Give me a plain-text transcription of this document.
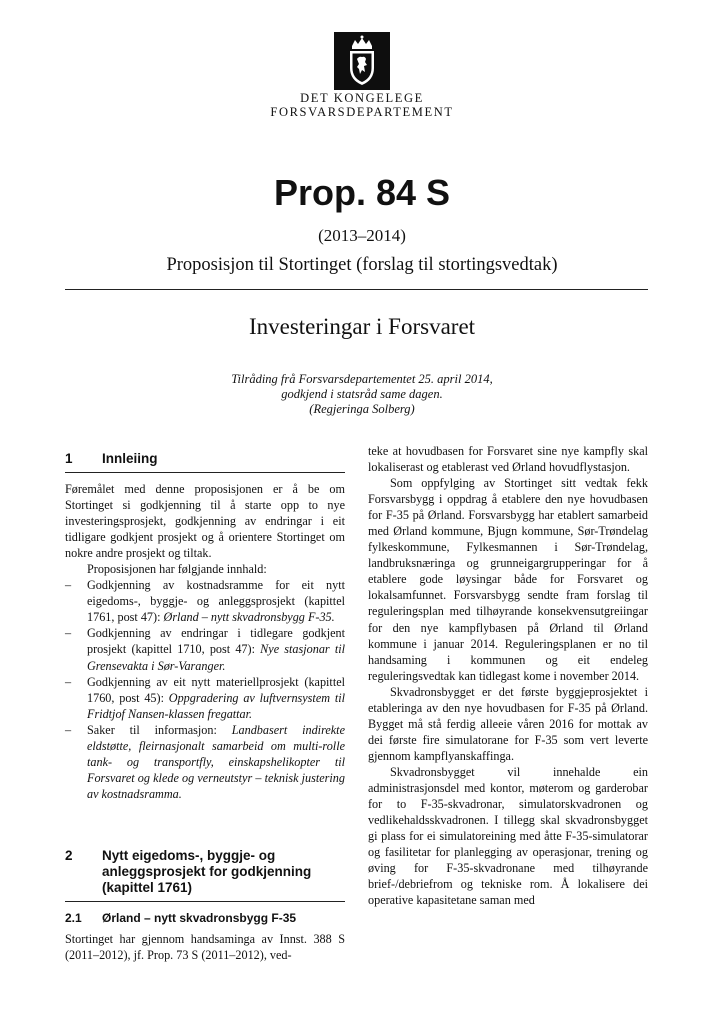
DET KONGELEGE
FORSVARSDEPARTEMENT
Prop. 84 S
(2013–2014)
Proposisjon til Stortinget (forslag til stortingsvedtak)
Investeringar i Forsvaret
Tilråding frå Forsvarsdepartementet 25. april 2014,
godkjend i statsråd same dagen.
(Regjeringa Solberg)
1	Innleiing

Føremålet med denne proposisjonen er å be om Stortinget si godkjenning til å starte opp to nye investeringsprosjekt, godkjenning av endringar i eit tidligare godkjent prosjekt og å orientere Stortinget om nokre andre prosjekt og tiltak.

Proposisjonen har følgjande innhald:

–	Godkjenning av kostnadsramme for eit nytt eigedoms-, byggje- og anleggsprosjekt (kapittel 1761, post 47): Ørland – nytt skvadronsbygg F-35.
–	Godkjenning av endringar i tidlegare godkjent prosjekt (kapittel 1710, post 47): Nye stasjonar til Grensevakta i Sør-Varanger.
–	Godkjenning av eit nytt materiellprosjekt (kapittel 1760, post 45): Oppgradering av luftvernsystem til Fridtjof Nansen-klassen fregattar.
–	Saker til informasjon: Landbasert indirekte eldstøtte, fleirnasjonalt samarbeid om multi-rolle tank- og transportfly, einskapshelikopter til Forsvaret og klede og verneutstyr – teknisk justering av kostnadsramma.
2	Nytt eigedoms-, byggje- og anleggsprosjekt for godkjenning (kapittel 1761)
2.1	Ørland – nytt skvadronsbygg F-35

Stortinget har gjennom handsaminga av Innst. 388 S (2011–2012), jf. Prop. 73 S (2011–2012), ved-

teke at hovudbasen for Forsvaret sine nye kampfly skal lokaliserast og etablerast ved Ørland hovudflystasjon.

Som oppfylging av Stortinget sitt vedtak fekk Forsvarsbygg i oppdrag å etablere den nye hovudbasen for F-35 på Ørland. Forsvarsbygg har etablert samarbeid med Ørland kommune, Bjugn kommune, Sør-Trøndelag fylkeskommune, Fylkesmannen i Sør-Trøndelag, landbruksnæringa og grunneigargrupperingar for å etablere gode løysingar både for Forsvaret og lokalsamfunnet. Forsvarsbygg sendte fram forslag til reguleringsplan med tilhøyrande konsekvensutgreiingar for den nye kampflybasen på Ørland til Ørland kommune i januar 2014. Reguleringsplanen er no til handsaming i kommunen og eit endeleg reguleringsvedtak kan tidlegast kome i november 2014.

Skvadronsbygget er det første byggjeprosjektet i etableringa av den nye hovudbasen for F-35 på Ørland. Bygget må stå ferdig alleeie våren 2016 for mottak av dei første fire simulatorane for F-35 som vert leverte gjennom kampflyanskaffinga.

Skvadronsbygget vil innehalde ein administrasjonsdel med kontor, møterom og garderobar for to F-35-skvadronar, simulatorskvadronen og vedlikehaldsskvadronen. I tillegg skal skvadronsbygget gi plass for ei simulatoreining med åtte F-35-simulatorar og fasilitetar for planlegging av operasjonar, trening og øving for F-35-skvadronane med tilhøyrande brief-/debriefrom og tekniske rom. Å lokalisere dei operative kapasitetane saman med
